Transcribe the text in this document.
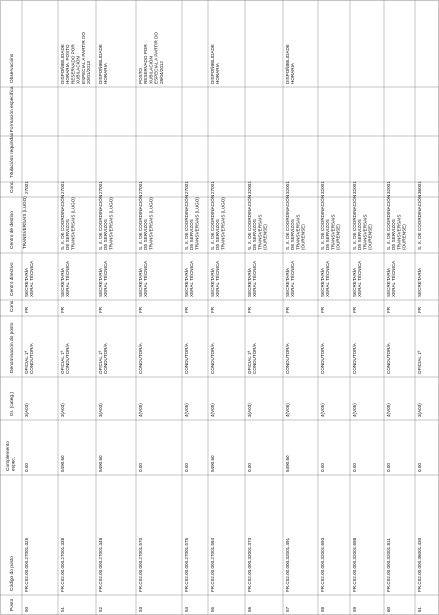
Observacións
Formación específica
Titulacións requiridas
Conc.
Centro de destino
Centro directivo
Cons.
Denominación do posto
Gr. (categ.)
Complemento espec.
Código do posto
Posto
TRANSVERSAIS (LUGO)
50
FR.C02.00.000.27001.325
0.00
3(A03)
OFICIAL 1ª CONDUTOR/A
FR
SECRETARÍA XERAL TÉCNICA
27001
51
FR.C02.00.000.27001.338
5490.60
3(A03)
OFICIAL 1ª CONDUTOR/A
FR
SECRETARÍA XERAL TÉCNICA
S. X. DE COORDINACIÓN DE SERVIZOS TRANSVERSAIS (LUGO)
27001
DISPOÑIBILIDADE HORARIA. POSTO RESERVADO POR XUBILACIÓN ESPECIAL A PARTIR DO 20/01/2013
52
FR.C02.00.000.27001.348
5490.60
3(A03)
OFICIAL 1ª CONDUTOR/A
FR
SECRETARÍA XERAL TÉCNICA
S. X. DE COORDINACIÓN DE SERVIZOS TRANSVERSAIS (LUGO)
27001
DISPOÑIBILIDADE HORARIA
53
FR.C02.00.000.27001.570
0.00
4(V05)
CONDUTOR/A
FR
SECRETARÍA XERAL TÉCNICA
S. X. DE COORDINACIÓN DE SERVIZOS TRANSVERSAIS (LUGO)
27001
POSTO RESERVADO POR XUBILACIÓN ESPECIAL A PARTIR DO 28/04/2012
54
FR.C02.00.000.27001.575
0.00
4(V05)
CONDUTOR/A
FR
SECRETARÍA XERAL TÉCNICA
S. X. DE COORDINACIÓN DE SERVIZOS TRANSVERSAIS (LUGO)
27001
55
FR.C02.00.000.27001.584
5490.60
4(V05)
CONDUTOR/A
FR
SECRETARÍA XERAL TÉCNICA
S. X. DE COORDINACIÓN DE SERVIZOS TRANSVERSAIS (LUGO)
27001
DISPOÑIBILIDADE HORARIA
56
FR.C02.00.000.32001.373
0.00
3(A03)
OFICIAL 1ª CONDUTOR/A
FR
SECRETARÍA XERAL TÉCNICA
S. X. DE COORDINACIÓN DE SERVIZOS TRANSVERSAIS (OURENSE)
32001
57
FR.C02.00.000.32001.491
5490.60
4(V05)
CONDUTOR/A
FR
SECRETARÍA XERAL TÉCNICA
S. X. DE COORDINACIÓN DE SERVIZOS TRANSVERSAIS (OURENSE)
32001
DISPOÑIBILIDADE HORARIA
58
FR.C02.00.000.32001.693
0.00
4(V05)
CONDUTOR/A
FR
SECRETARÍA XERAL TÉCNICA
S. X. DE COORDINACIÓN DE SERVIZOS TRANSVERSAIS (OURENSE)
32001
59
FR.C02.00.000.32001.698
0.00
4(V05)
CONDUTOR/A
FR
SECRETARÍA XERAL TÉCNICA
S. X. DE COORDINACIÓN DE SERVIZOS TRANSVERSAIS (OURENSE)
32001
60
FR.C02.00.000.32001.811
0.00
4(V05)
CONDUTOR/A
FR
SECRETARÍA XERAL TÉCNICA
S. X. DE COORDINACIÓN DE SERVIZOS TRANSVERSAIS (OURENSE)
32001
61
FR.C02.00.000.36001.430
0.00
3(A03)
OFICIAL 1ª
FR
SECRETARÍA
S. X. DE COORDINACIÓN
36001
